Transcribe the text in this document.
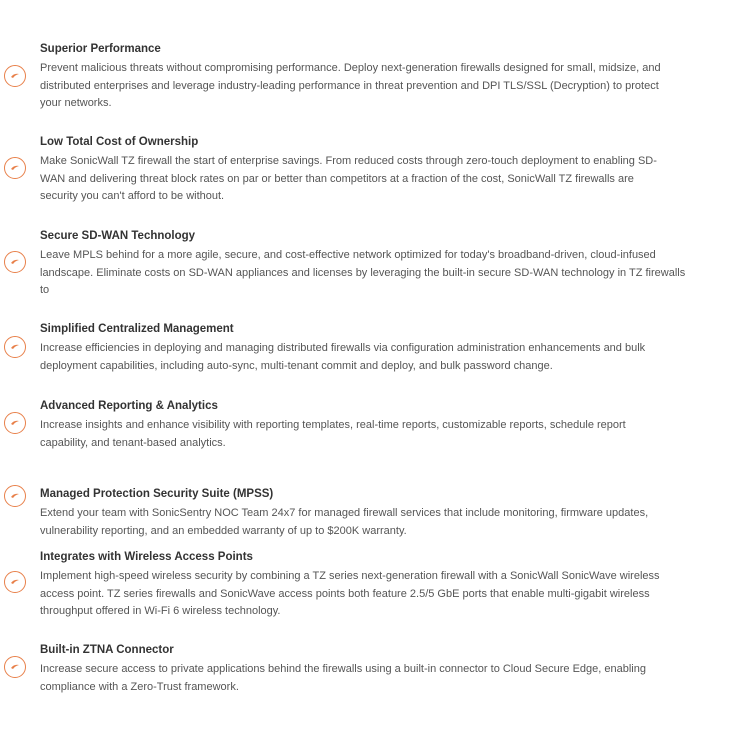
Superior Performance
Prevent malicious threats without compromising performance. Deploy next-generation firewalls designed for small, midsize, and
distributed enterprises and leverage industry-leading performance in threat prevention and DPI TLS/SSL (Decryption) to protect
your networks.
Low Total Cost of Ownership
Make SonicWall TZ firewall the start of enterprise savings. From reduced costs through zero-touch deployment to enabling SD-
WAN and delivering threat block rates on par or better than competitors at a fraction of the cost, SonicWall TZ firewalls are
security you can't afford to be without.
Secure SD-WAN Technology
Leave MPLS behind for a more agile, secure, and cost-effective network optimized for today's broadband-driven, cloud-infused
landscape. Eliminate costs on SD-WAN appliances and licenses by leveraging the built-in secure SD-WAN technology in TZ firewalls
to
Simplified Centralized Management
Increase efficiencies in deploying and managing distributed firewalls via configuration administration enhancements and bulk
deployment capabilities, including auto-sync, multi-tenant commit and deploy, and bulk password change.
Advanced Reporting & Analytics
Increase insights and enhance visibility with reporting templates, real-time reports, customizable reports, schedule report
capability, and tenant-based analytics.
Managed Protection Security Suite (MPSS)
Extend your team with SonicSentry NOC Team 24x7 for managed firewall services that include monitoring, firmware updates,
vulnerability reporting, and an embedded warranty of up to $200K warranty.
Integrates with Wireless Access Points
Implement high-speed wireless security by combining a TZ series next-generation firewall with a SonicWall SonicWave wireless
access point. TZ series firewalls and SonicWave access points both feature 2.5/5 GbE ports that enable multi-gigabit wireless
throughput offered in Wi-Fi 6 wireless technology.
Built-in ZTNA Connector
Increase secure access to private applications behind the firewalls using a built-in connector to Cloud Secure Edge, enabling
compliance with a Zero-Trust framework.
